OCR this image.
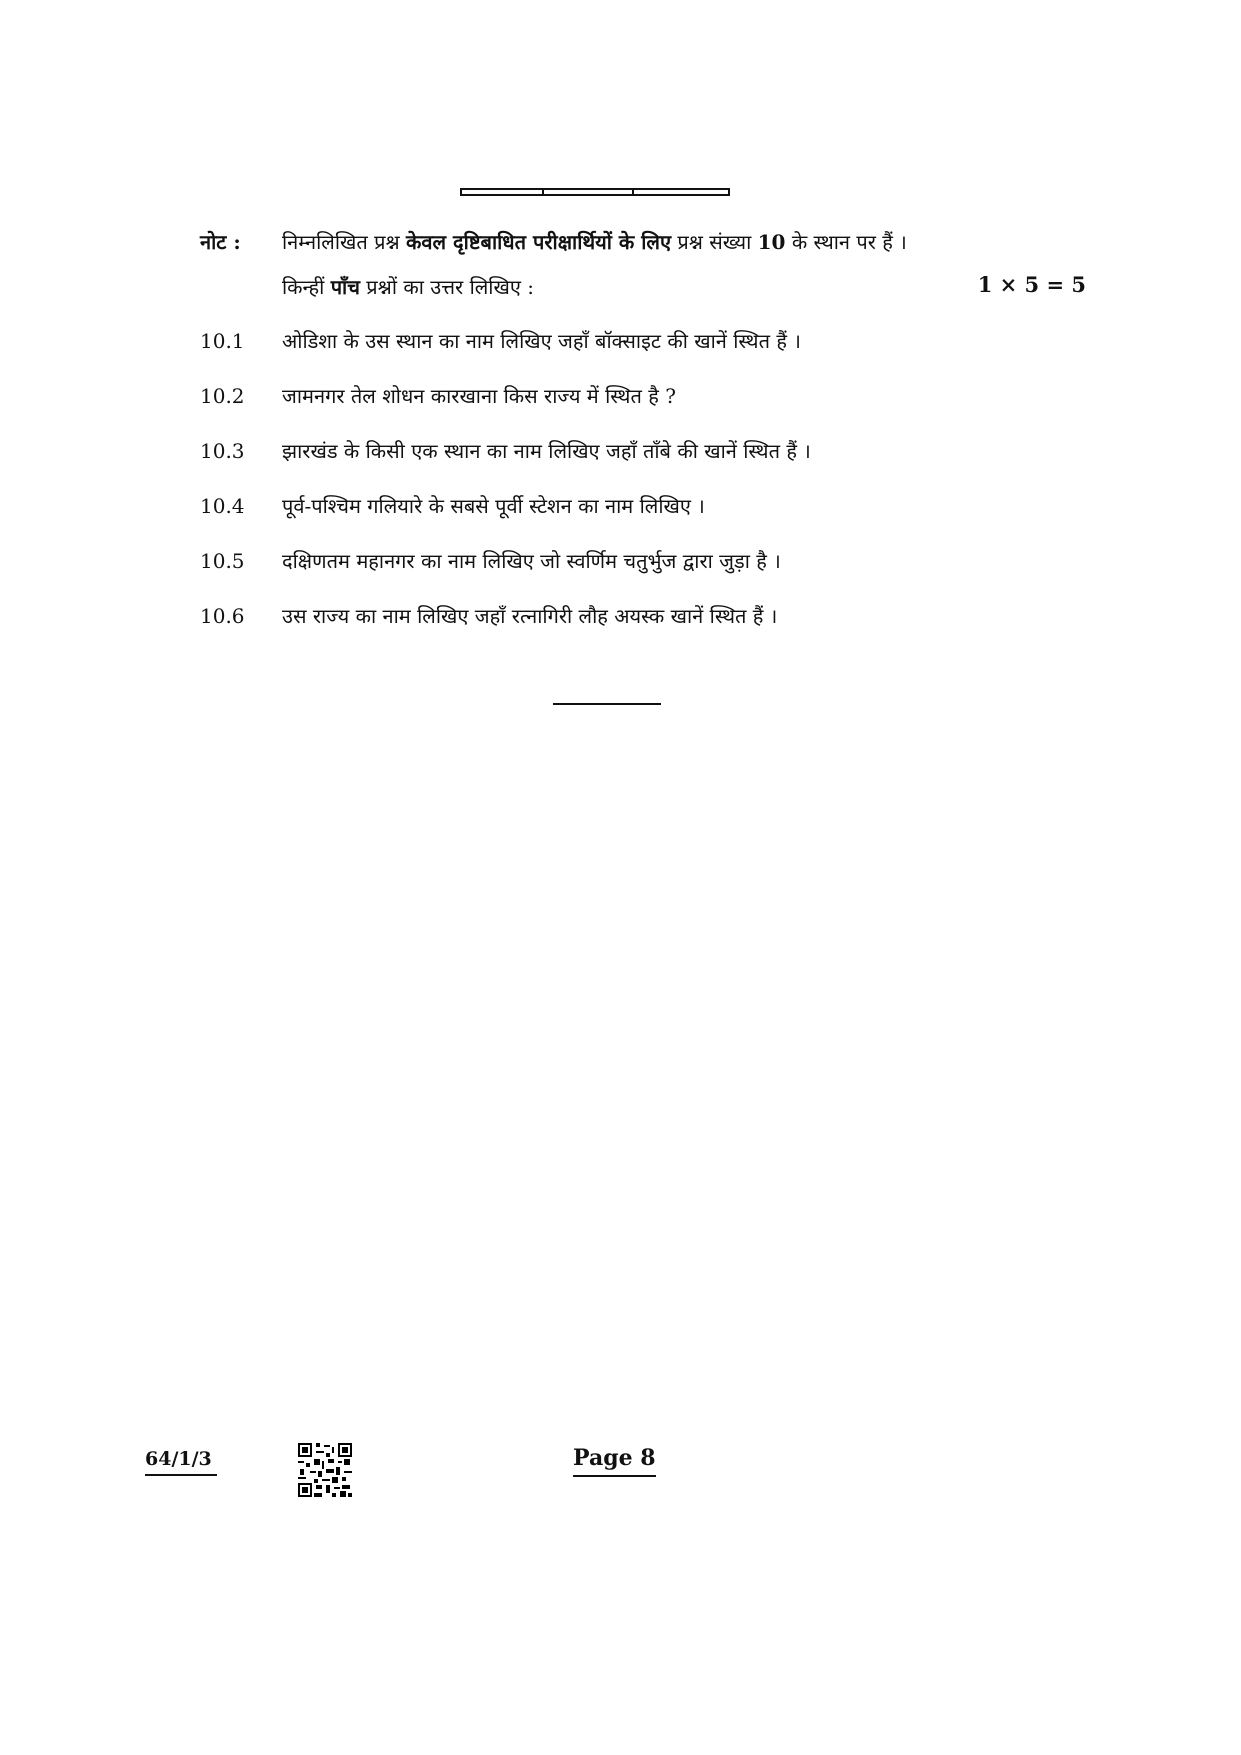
नोट : निम्नलिखित प्रश्न केवल दृष्टिबाधित परीक्षार्थियों के लिए प्रश्न संख्या 10 के स्थान पर हैं ।
किन्हीं पाँच प्रश्नों का उत्तर लिखिए :	1 × 5 = 5
10.1 ओडिशा के उस स्थान का नाम लिखिए जहाँ बॉक्साइट की खानें स्थित हैं ।
10.2 जामनगर तेल शोधन कारखाना किस राज्य में स्थित है ?
10.3 झारखंड के किसी एक स्थान का नाम लिखिए जहाँ ताँबे की खानें स्थित हैं ।
10.4 पूर्व-पश्चिम गलियारे के सबसे पूर्वी स्टेशन का नाम लिखिए ।
10.5 दक्षिणतम महानगर का नाम लिखिए जो स्वर्णिम चतुर्भुज द्वारा जुड़ा है ।
10.6 उस राज्य का नाम लिखिए जहाँ रत्नागिरी लौह अयस्क खानें स्थित हैं ।
64/1/3	Page 8
